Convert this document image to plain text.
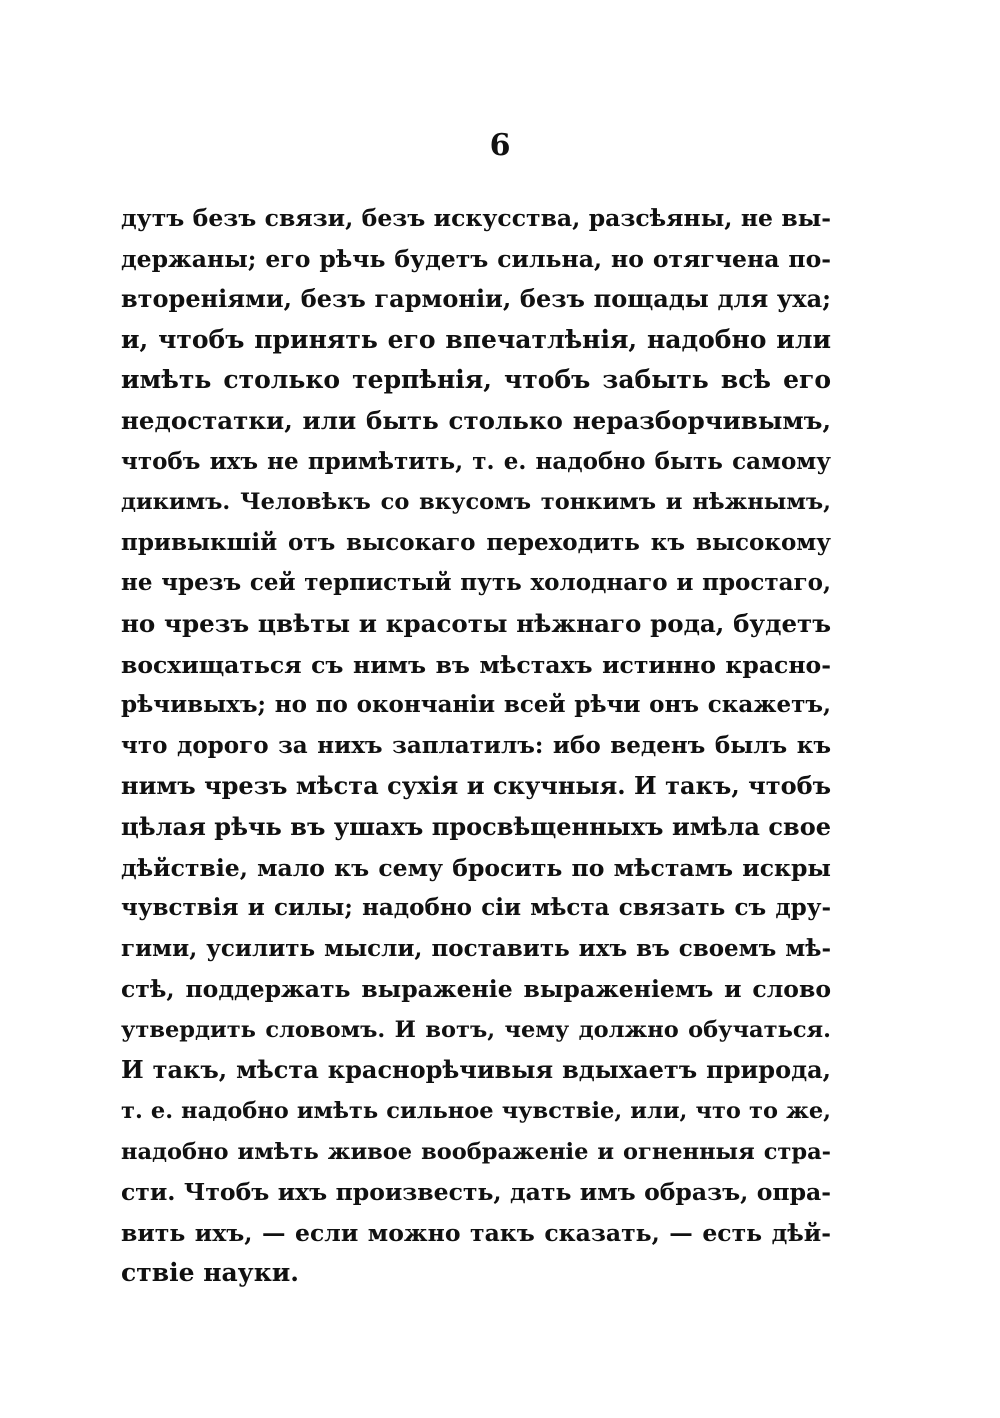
6
дутъ безъ связи, безъ искусства, разсѣяны, не вы-
держаны; его рѣчь будетъ сильна, но отягчена по-
втореніями, безъ гармоніи, безъ пощады для уха;
и, чтобъ принять его впечатлѣнія, надобно или
имѣть столько терпѣнія, чтобъ забыть всѣ его
недостатки, или быть столько неразборчивымъ,
чтобъ ихъ не примѣтить, т. е. надобно быть самому
дикимъ. Человѣкъ со вкусомъ тонкимъ и нѣжнымъ,
привыкшій отъ высокаго переходить къ высокому
не чрезъ сей терпистый путь холоднаго и простаго,
но чрезъ цвѣты и красоты нѣжнаго рода, будетъ
восхищаться съ нимъ въ мѣстахъ истинно красно-
рѣчивыхъ; но по окончаніи всей рѣчи онъ скажетъ,
что дорого за нихъ заплатилъ: ибо веденъ былъ къ
нимъ чрезъ мѣста сухія и скучныя. И такъ, чтобъ
цѣлая рѣчь въ ушахъ просвѣщенныхъ имѣла свое
дѣйствіе, мало къ сему бросить по мѣстамъ искры
чувствія и силы; надобно сіи мѣста связать съ дру-
гими, усилить мысли, поставить ихъ въ своемъ мѣ-
стѣ, поддержать выраженіе выраженіемъ и слово
утвердить словомъ. И вотъ, чему должно обучаться.
И такъ, мѣста краснорѣчивыя вдыхаетъ природа,
т. е. надобно имѣть сильное чувствіе, или, что то же,
надобно имѣть живое воображеніе и огненныя стра-
сти. Чтобъ ихъ произвесть, дать имъ образъ, опра-
вить ихъ, — если можно такъ сказать, — есть дѣй-
ствіе науки.
